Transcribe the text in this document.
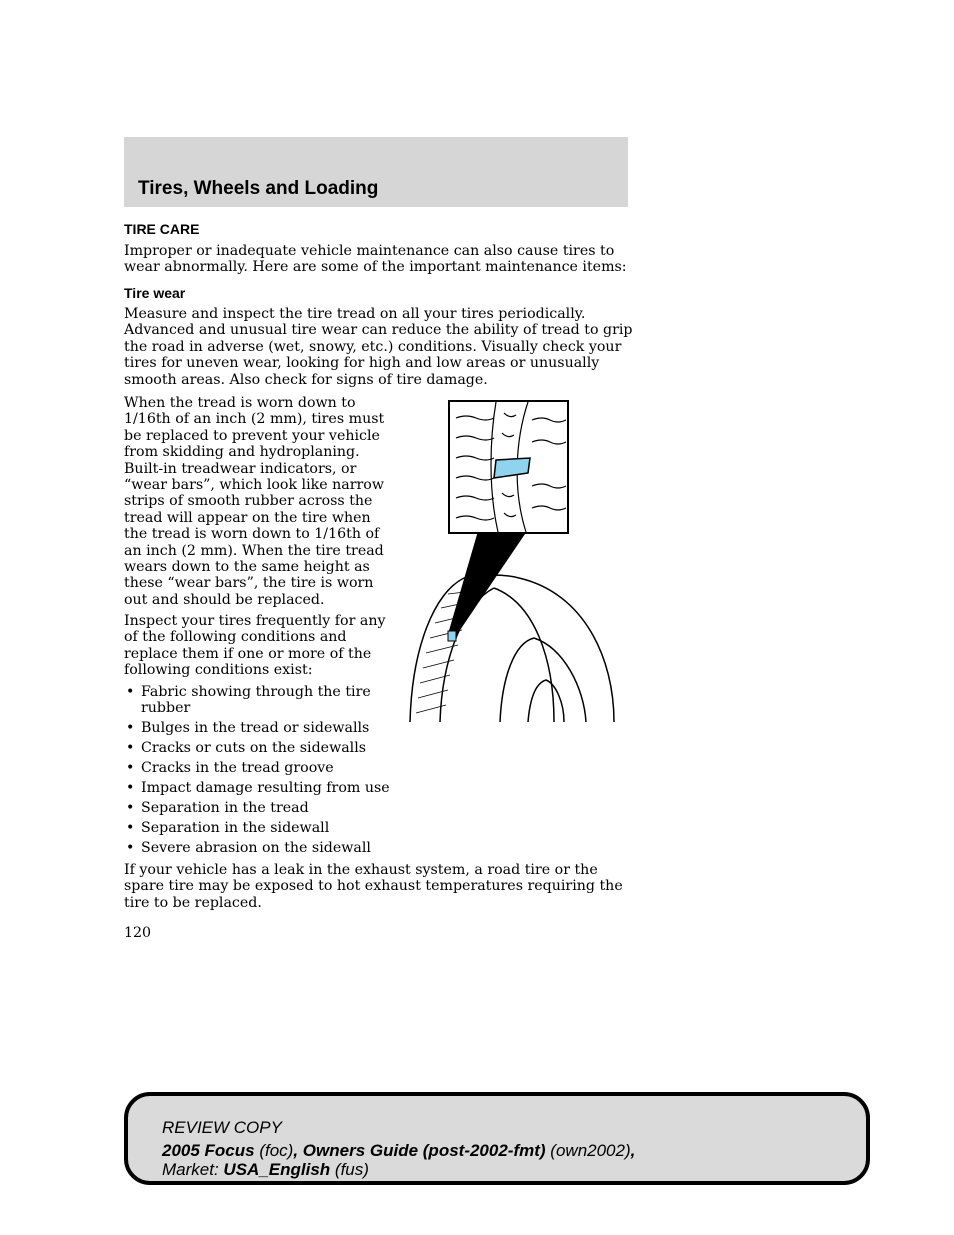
Tires, Wheels and Loading
TIRE CARE

Improper or inadequate vehicle maintenance can also cause tires to wear abnormally. Here are some of the important maintenance items:

Tire wear

Measure and inspect the tire tread on all your tires periodically. Advanced and unusual tire wear can reduce the ability of tread to grip the road in adverse (wet, snowy, etc.) conditions. Visually check your tires for uneven wear, looking for high and low areas or unusually smooth areas. Also check for signs of tire damage.

When the tread is worn down to 1/16th of an inch (2 mm), tires must be replaced to prevent your vehicle from skidding and hydroplaning. Built-in treadwear indicators, or “wear bars”, which look like narrow strips of smooth rubber across the tread will appear on the tire when the tread is worn down to 1/16th of an inch (2 mm). When the tire tread wears down to the same height as these “wear bars”, the tire is worn out and should be replaced.

Inspect your tires frequently for any of the following conditions and replace them if one or more of the following conditions exist:

• Fabric showing through the tire rubber
• Bulges in the tread or sidewalls
• Cracks or cuts on the sidewalls
• Cracks in the tread groove
• Impact damage resulting from use
• Separation in the tread
• Separation in the sidewall
• Severe abrasion on the sidewall

If your vehicle has a leak in the exhaust system, a road tire or the spare tire may be exposed to hot exhaust temperatures requiring the tire to be replaced.

120
REVIEW COPY
2005 Focus (foc), Owners Guide (post-2002-fmt) (own2002),
Market: USA_English (fus)
